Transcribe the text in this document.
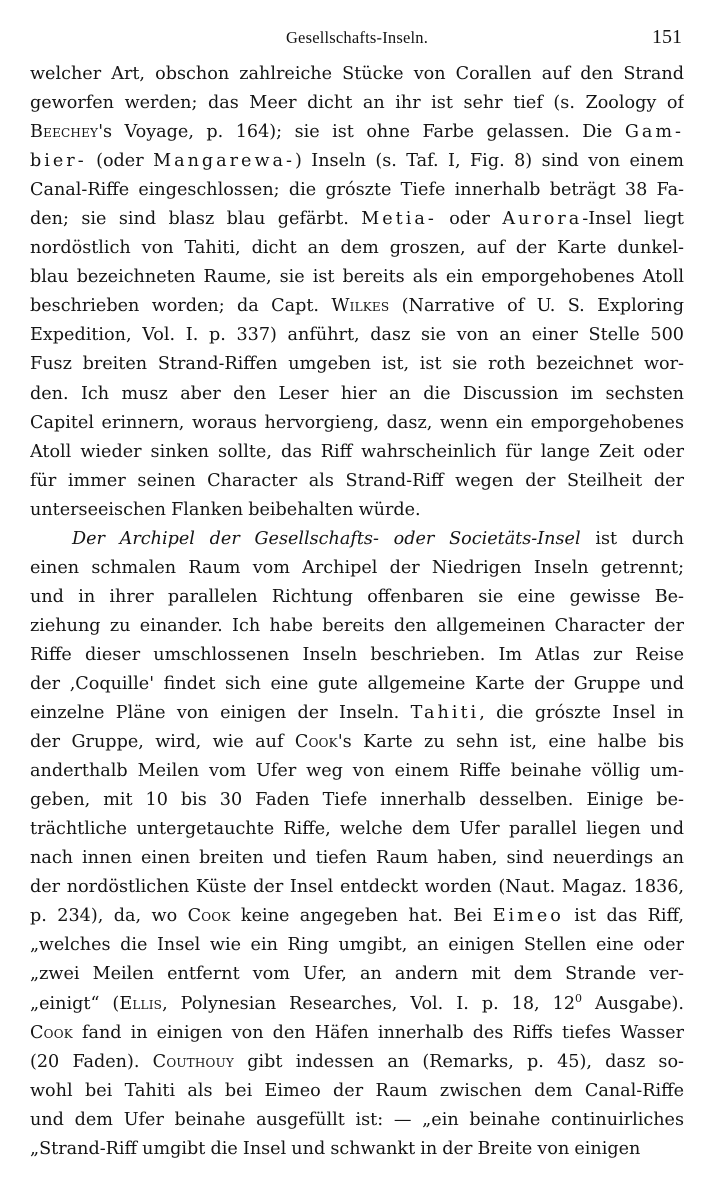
Gesellschafts-Inseln.	151
welcher Art, obschon zahlreiche Stücke von Corallen auf den Strand
geworfen werden; das Meer dicht an ihr ist sehr tief (s. Zoology of
Beechey's Voyage, p. 164); sie ist ohne Farbe gelassen. Die Gam-
bier- (oder Mangarewa-) Inseln (s. Taf. I, Fig. 8) sind von einem
Canal-Riffe eingeschlossen; die grószte Tiefe innerhalb beträgt 38 Fa-
den; sie sind blasz blau gefärbt. Metia- oder Aurora-Insel liegt
nordöstlich von Tahiti, dicht an dem groszen, auf der Karte dunkel-
blau bezeichneten Raume, sie ist bereits als ein emporgehobenes Atoll
beschrieben worden; da Capt. Wilkes (Narrative of U. S. Exploring
Expedition, Vol. I. p. 337) anführt, dasz sie von an einer Stelle 500
Fusz breiten Strand-Riffen umgeben ist, ist sie roth bezeichnet wor-
den. Ich musz aber den Leser hier an die Discussion im sechsten
Capitel erinnern, woraus hervorgieng, dasz, wenn ein emporgehobenes
Atoll wieder sinken sollte, das Riff wahrscheinlich für lange Zeit oder
für immer seinen Character als Strand-Riff wegen der Steilheit der
unterseeischen Flanken beibehalten würde.
Der Archipel der Gesellschafts- oder Societäts-Insel ist durch
einen schmalen Raum vom Archipel der Niedrigen Inseln getrennt;
und in ihrer parallelen Richtung offenbaren sie eine gewisse Be-
ziehung zu einander. Ich habe bereits den allgemeinen Character der
Riffe dieser umschlossenen Inseln beschrieben. Im Atlas zur Reise
der ‚Coquille' findet sich eine gute allgemeine Karte der Gruppe und
einzelne Pläne von einigen der Inseln. Tahiti, die grószte Insel in
der Gruppe, wird, wie auf Cook's Karte zu sehn ist, eine halbe bis
anderthalb Meilen vom Ufer weg von einem Riffe beinahe völlig um-
geben, mit 10 bis 30 Faden Tiefe innerhalb desselben. Einige be-
trächtliche untergetauchte Riffe, welche dem Ufer parallel liegen und
nach innen einen breiten und tiefen Raum haben, sind neuerdings an
der nordöstlichen Küste der Insel entdeckt worden (Naut. Magaz. 1836,
p. 234), da, wo Cook keine angegeben hat. Bei Eimeo ist das Riff,
„welches die Insel wie ein Ring umgibt, an einigen Stellen eine oder
„zwei Meilen entfernt vom Ufer, an andern mit dem Strande ver-
„einigt“ (Ellis, Polynesian Researches, Vol. I. p. 18, $12^0$ Ausgabe).
Cook fand in einigen von den Häfen innerhalb des Riffs tiefes Wasser
(20 Faden). Couthouy gibt indessen an (Remarks, p. 45), dasz so-
wohl bei Tahiti als bei Eimeo der Raum zwischen dem Canal-Riffe
und dem Ufer beinahe ausgefüllt ist: — „ein beinahe continuirliches
„Strand-Riff umgibt die Insel und schwankt in der Breite von einigen
